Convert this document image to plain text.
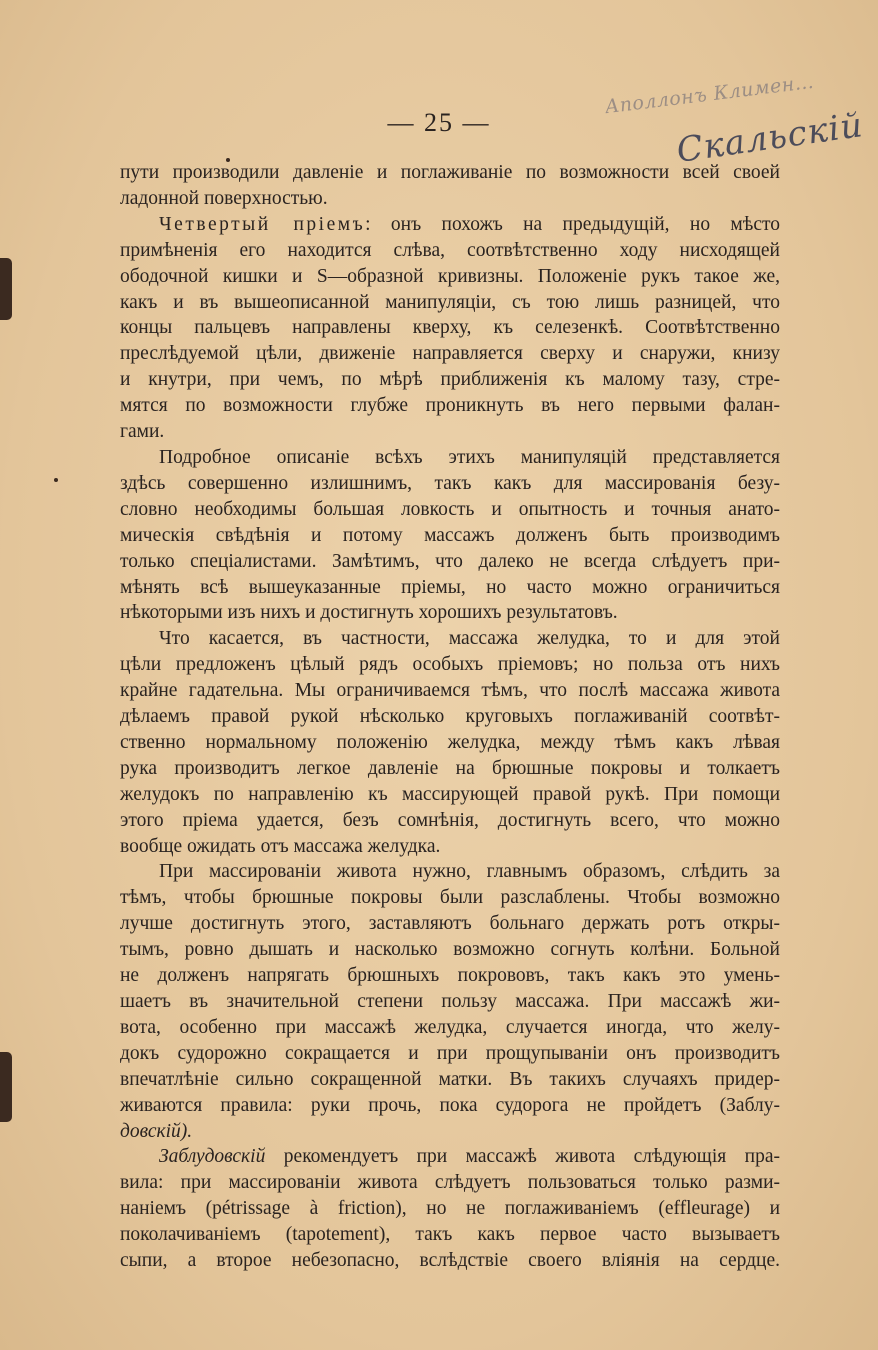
— 25 —
Аполлонъ Климен…
Скальскій

пути производили давленіе и поглаживаніе по возможности всей своей
ладонной поверхностью.

Четвертый пріемъ: онъ похожъ на предыдущій, но мѣсто
примѣненія его находится слѣва, соотвѣтственно ходу нисходящей
ободочной кишки и S—образной кривизны. Положеніе рукъ такое же,
какъ и въ вышеописанной манипуляціи, съ тою лишь разницей, что
концы пальцевъ направлены кверху, къ селезенкѣ. Соотвѣтственно
преслѣдуемой цѣли, движеніе направляется сверху и снаружи, книзу
и кнутри, при чемъ, по мѣрѣ приближенія къ малому тазу, стре-
мятся по возможности глубже проникнуть въ него первыми фалан-
гами.

Подробное описаніе всѣхъ этихъ манипуляцій представляется
здѣсь совершенно излишнимъ, такъ какъ для массированія безу-
словно необходимы большая ловкость и опытность и точныя анато-
мическія свѣдѣнія и потому массажъ долженъ быть производимъ
только спеціалистами. Замѣтимъ, что далеко не всегда слѣдуетъ при-
мѣнять всѣ вышеуказанные пріемы, но часто можно ограничиться
нѣкоторыми изъ нихъ и достигнуть хорошихъ результатовъ.

Что касается, въ частности, массажа желудка, то и для этой
цѣли предложенъ цѣлый рядъ особыхъ пріемовъ; но польза отъ нихъ
крайне гадательна. Мы ограничиваемся тѣмъ, что послѣ массажа живота
дѣлаемъ правой рукой нѣсколько круговыхъ поглаживаній соотвѣт-
ственно нормальному положенію желудка, между тѣмъ какъ лѣвая
рука производитъ легкое давленіе на брюшные покровы и толкаетъ
желудокъ по направленію къ массирующей правой рукѣ. При помощи
этого пріема удается, безъ сомнѣнія, достигнуть всего, что можно
вообще ожидать отъ массажа желудка.

При массированіи живота нужно, главнымъ образомъ, слѣдить за
тѣмъ, чтобы брюшные покровы были разслаблены. Чтобы возможно
лучше достигнуть этого, заставляютъ больнаго держать ротъ откры-
тымъ, ровно дышать и насколько возможно согнуть колѣни. Больной
не долженъ напрягать брюшныхъ покрововъ, такъ какъ это умень-
шаетъ въ значительной степени пользу массажа. При массажѣ жи-
вота, особенно при массажѣ желудка, случается иногда, что желу-
докъ судорожно сокращается и при прощупываніи онъ производитъ
впечатлѣніе сильно сокращенной матки. Въ такихъ случаяхъ придер-
живаются правила: руки прочь, пока судорога не пройдетъ (Заблу-
довскій).

Заблудовскій рекомендуетъ при массажѣ живота слѣдующія пра-
вила: при массированіи живота слѣдуетъ пользоваться только разми-
наніемъ (pétrissage à friction), но не поглаживаніемъ (effleurage) и
поколачиваніемъ (tapotement), такъ какъ первое часто вызываетъ
сыпи, а второе небезопасно, вслѣдствіе своего вліянія на сердце.
